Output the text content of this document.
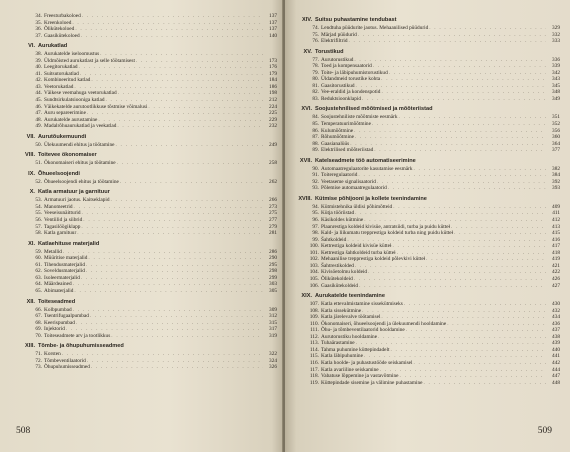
34. Freesturbakoloed . . .	137
35. Kreenkoloed . . .	137
36. Õlikütekoloed . . .	137
37. Gaasikütekoloed . . .	140
VI. Aurukatlad
38. Aurukatelde iseloomustus
. . .
39. Üldmõisted aurukatlast ja selle töötamisest . . .	173
40. Leegitorukatlad . . .	176
41. Suitsutorukatlad . . .	179
42. Kombineeritud katlad . . .	184
43. Veetorukatlad . . .	186
44. Väikese veemahuga veetorukatlad . . .	198
45. Sundtsirkulatsiooniga katlad . . .	212
46. Väikekatelde aurutootlikkuse tõstmise võimalusi . . .	224
47. Auru separeerimine . . .	225
48. Aurukatelde aurustamine . . .	229
49. Madalrõhuaurukatlad ja veekatlad . . .	232
VII. Aurutõukemuundi
50. Ülekuumendi ehitus ja töötamine . . .	249
VIII. Toiteveе ökonomaiser
51. Ökonomaiseri ehitus ja töötamine . . .	258
IX. Õhueelsoojendi
52. Õhueelsoojendi ehitus ja töötamine . . .	262
X. Katla armatuur ja garnituur
53. Armatuuri jaotus. Kaitseklapid . . .	266
54. Manomeetrid . . .	273
55. Veeseisunäitturid . . .	275
56. Ventiilid ja siibrid . . .	277
57. Tagasilöögiklapp . . .	279
58. Katla garnituur . . .	281
XI. Katlaehituse materjalid
59. Metallid . . .	286
60. Müüritise materjalid . . .	290
61. Tihendusmaterjalid . . .	295
62. Soveldusmaterjalid . . .	298
63. Isoleermaterjalid . . .	299
64. Määrdeained . . .	303
65. Abimaterjalid . . .	305
XII. Toiteseadmed
66. Kolbpumbad . . .	309
67. Tsentrifugaalpumbad . . .	312
68. Keerispumbad . . .	315
69. Injektorid . . .	317
70. Toiteseadmete arv ja tootlikkus . . .	319
XIII. Tõmbe- ja õhupuhumisseadmed
71. Korsten . . .	322
72. Tõmbeventilaatorid . . .	324
73. Õhupuhumisseadmed . . .	326
508
XIV. Suitsu puhastamine tendubast
74. Lendtuha püüdurite jaotus. Mehaanilised püüdurid . . .	329
75. Märjad püüdurid . . .	332
76. Elektrifiltrid . . .	333
XV. Torustikud
77. Aurutorustikud . . .	336
78. Toed ja kompensaatorid . . .	339
79. Toite- ja läbipuhumistorustikud . . .	342
80. Üldandmeid torustike kohta . . .	343
81. Gaasitorustikud . . .	345
82. Vee-eraldid ja kondenspotid . . .	348
83. Reduktsioonklapid . . .	349
XVI. Soojustehnilised mõõtmised ja mõõteriistad
84. Soojustehniliste mõõtmiste eesmärk . . .	351
85. Temperatuurimõõtmine . . .	352
86. Kulumõõtmine . . .	356
87. Rõhumõõtmine . . .	360
88. Gaasianalüüs . . .	364
89. Elektrilised mõõteriistad . . .	377
XVII. Katelseadmete töö automatiseerimine
90. Automaatregulaatorite kasutamise eesmärk . . .	382
91. Toiteregulaatorid . . .	384
92. Veetaseme signalisaatorid . . .	392
93. Põlemise automaatregulaatorid . . .	393
XVIII. Kütmise põhijooni ja kollete teenindamine
94. Kütmistehnika üldisi põhimõtteid . . .	409
95. Kütja tööriistad . . .	411
96. Käsikoldes kütmine . . .	412
97. Plaanrestiga koldeid kivisüe, antratsiidi, turba ja puidu kütteł . . .	413
98. Kald- ja liikumatu trepprestiga koldeid turba ning puidu kütteł . . .	415
99. Šahtkoldeid . . .	416
100. Kettrestiga koldeid kivisüe kütteł . . .	417
101. Kettrestiga šahtkoldeid turba kütteł . . .	418
102. Mehaanilise trepprestiga koldeid põlevkivi kütteł . . .	419
103. Šahtrestikolded . . .	421
104. Kivisöetolmu koldeid . . .	422
105. Õlikütekoldeid . . .	426
106. Gaasikütekoldeid . . .	427
XIX. Aurukatelde teenindamine
107. Katla ettevalmistamine sissekütmiseks . . .	430
108. Katla sissekütmine . . .	432
109. Katla järelevalve töötamisel . . .	434
110. Ökonomaiseri, õhueelsoojendi ja ülekuumendi hooldamine . . .	436
111. Õhu- ja tõmbeventilaatorid hooldamine . . .	437
112. Aurutorustiku hooldamine . . .	438
113. Tuhaärastamine . . .	439
114. Tahma puhumine küttepindadelt . . .	440
115. Katla läbipuhumine . . .	441
116. Katla hoolde- ja puhastustööde seiskamisel . . .	442
117. Katla avariiline seiskamine . . .	444
118. Vabatuse lõppemine ja vastavõtmine . . .	447
119. Küttepindade sisemine ja välimine puhastamine . . .	448
509
